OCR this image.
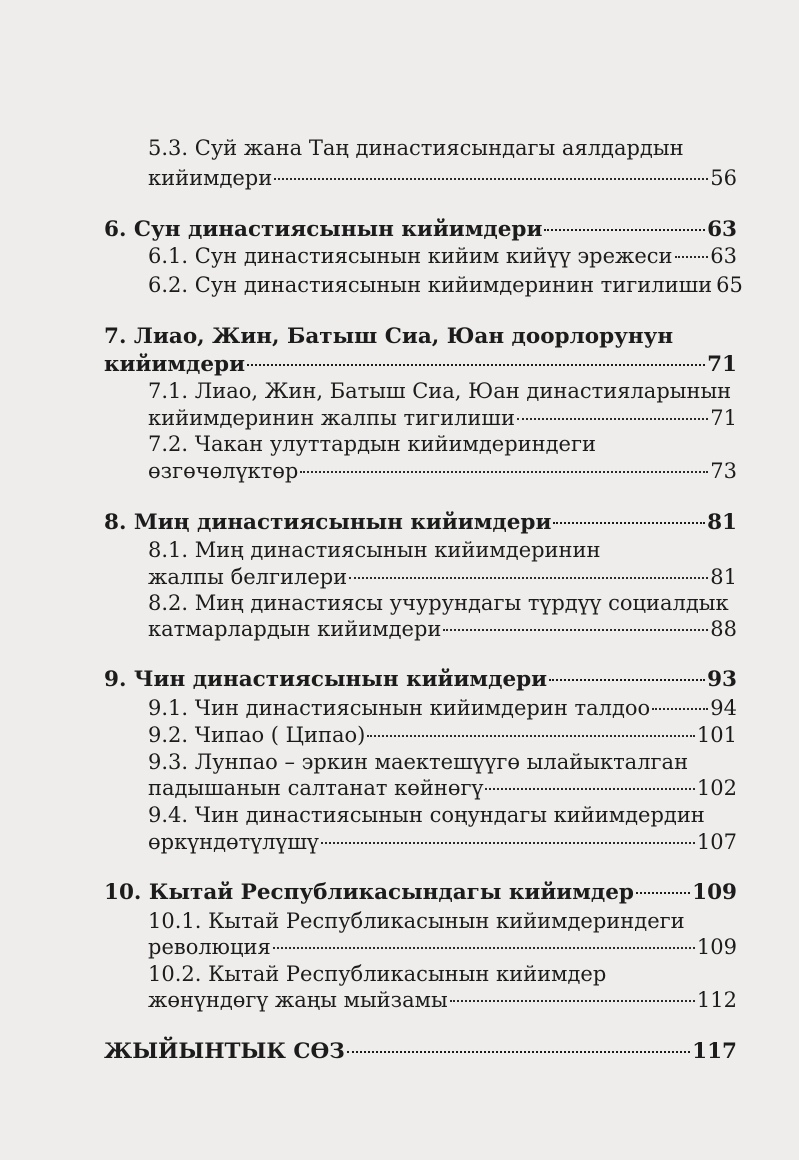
5.3. Суй жана Таң династиясындагы аялдардын
кийимдери	56
6. Сун династиясынын кийимдери	63
6.1. Сун династиясынын кийим кийүү эрежеси 63
6.2. Сун династиясынын кийимдеринин тигилиши 65
7. Лиао, Жин, Батыш Сиа, Юан доорлорунун
кийимдери	71
7.1. Лиао, Жин, Батыш Сиа, Юан династияларынын
кийимдеринин жалпы тигилиши	71
7.2. Чакан улуттардын кийимдериндеги
өзгөчөлүктөр	73
8. Миң династиясынын кийимдери	81
8.1. Миң династиясынын кийимдеринин
жалпы белгилери	81
8.2. Миң династиясы учурундагы түрдүү социалдык
катмарлардын кийимдери	88
9. Чин династиясынын кийимдери	93
9.1. Чин династиясынын кийимдерин талдоо	94
9.2. Чипао ( Ципао)	101
9.3. Лунпао – эркин маектешүүгө ылайыкталган
падышанын салтанат көйнөгү	102
9.4. Чин династиясынын соңундагы кийимдердин
өркүндөтүлүшү	107
10. Кытай Республикасындагы кийимдер	109
10.1. Кытай Республикасынын кийимдериндеги
революция	109
10.2. Кытай Республикасынын кийимдер
жөнүндөгү жаңы мыйзамы	112
ЖЫЙЫНТЫК СӨЗ	117
